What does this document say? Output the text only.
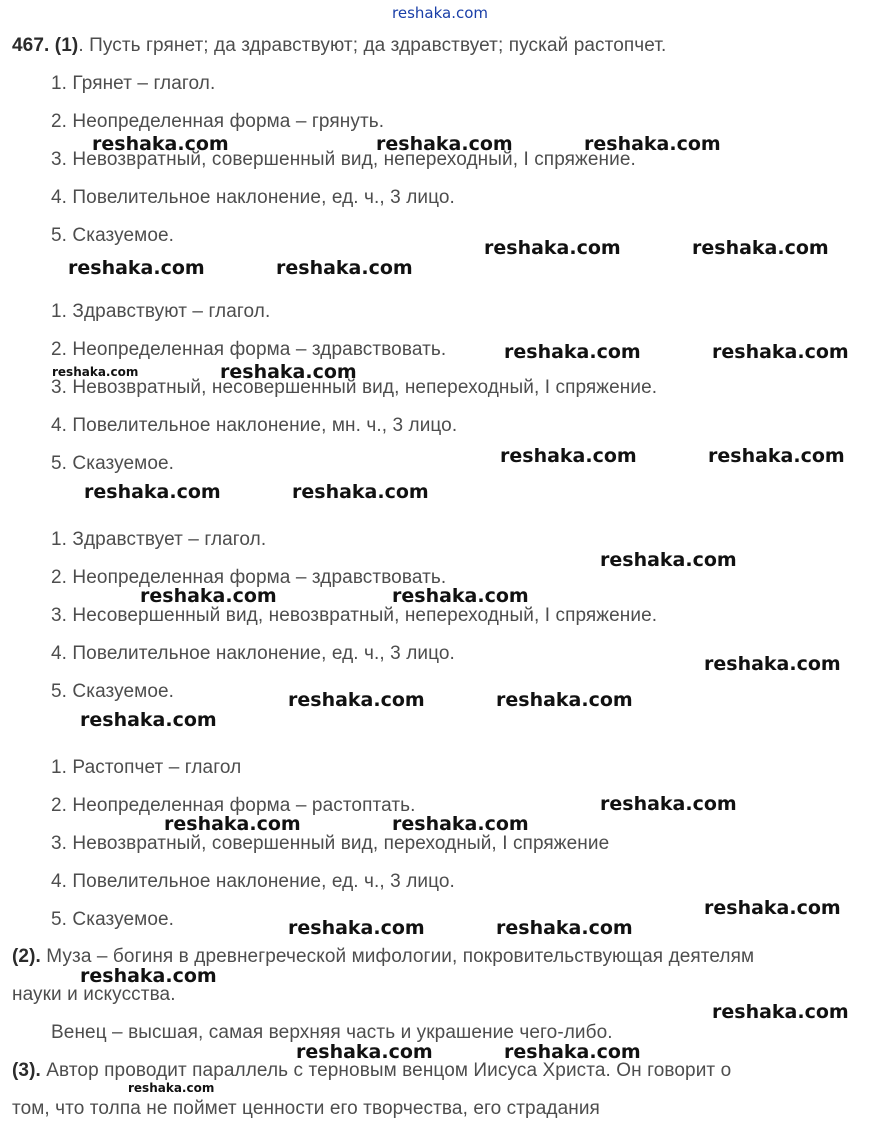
reshaka.com
467. (1). Пусть грянет; да здравствуют; да здравствует; пускай растопчет.
1. Грянет – глагол.
2. Неопределенная форма – грянуть.
3. Невозвратный, совершенный вид, непереходный, I спряжение.
4. Повелительное наклонение, ед. ч., 3 лицо.
5. Сказуемое.
1. Здравствуют – глагол.
2. Неопределенная форма – здравствовать.
3. Невозвратный, несовершенный вид, непереходный, I спряжение.
4. Повелительное наклонение, мн. ч., 3 лицо.
5. Сказуемое.
1. Здравствует – глагол.
2. Неопределенная форма – здравствовать.
3. Несовершенный вид, невозвратный, непереходный, I спряжение.
4. Повелительное наклонение, ед. ч., 3 лицо.
5. Сказуемое.
1. Растопчет – глагол
2. Неопределенная форма – растоптать.
3. Невозвратный, совершенный вид, переходный, I спряжение
4. Повелительное наклонение, ед. ч., 3 лицо.
5. Сказуемое.
(2). Муза – богиня в древнегреческой мифологии, покровительствующая деятелям
науки и искусства.
Венец – высшая, самая верхняя часть и украшение чего-либо.
(3). Автор проводит параллель с терновым венцом Иисуса Христа. Он говорит о
том, что толпа не поймет ценности его творчества, его страдания
reshaka.com	reshaka.com	reshaka.com
reshaka.com	reshaka.com
reshaka.com	reshaka.com
reshaka.com	reshaka.com
reshaka.com	reshaka.com
reshaka.com	reshaka.com
reshaka.com	reshaka.com
reshaka.com
reshaka.com	reshaka.com
reshaka.com
reshaka.com	reshaka.com
reshaka.com
reshaka.com
reshaka.com	reshaka.com
reshaka.com
reshaka.com	reshaka.com
reshaka.com
reshaka.com
reshaka.com	reshaka.com
reshaka.com
